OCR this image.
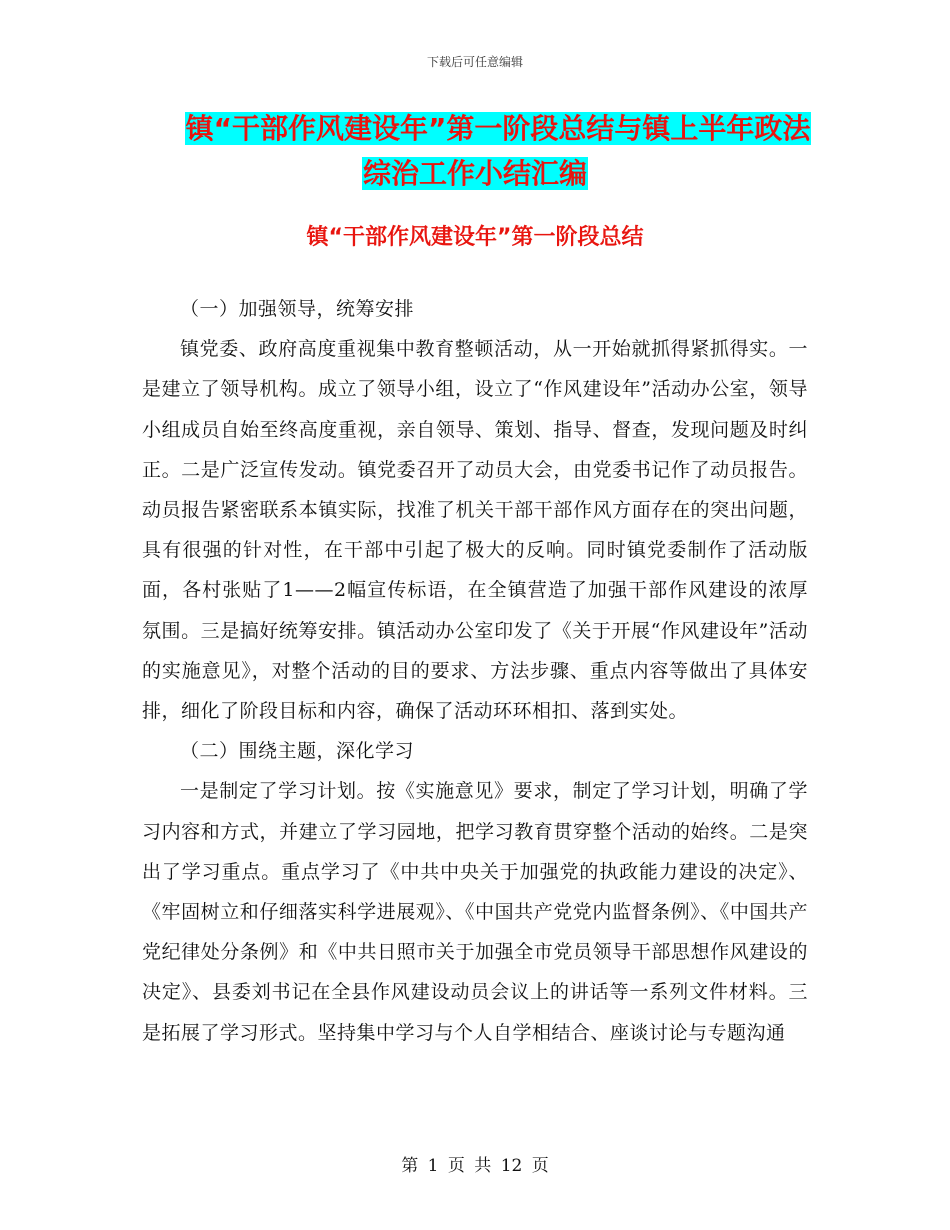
下载后可任意编辑
镇“干部作风建设年”第一阶段总结与镇上半年政法
综治工作小结汇编
镇“干部作风建设年”第一阶段总结

（一）加强领导，统筹安排

镇党委、政府高度重视集中教育整顿活动，从一开始就抓得紧抓得实。一是建立了领导机构。成立了领导小组，设立了“作风建设年”活动办公室，领导小组成员自始至终高度重视，亲自领导、策划、指导、督查，发现问题及时纠正。二是广泛宣传发动。镇党委召开了动员大会，由党委书记作了动员报告。动员报告紧密联系本镇实际，找准了机关干部干部作风方面存在的突出问题，具有很强的针对性，在干部中引起了极大的反响。同时镇党委制作了活动版面，各村张贴了1——2幅宣传标语，在全镇营造了加强干部作风建设的浓厚氛围。三是搞好统筹安排。镇活动办公室印发了《关于开展“作风建设年”活动的实施意见》，对整个活动的目的要求、方法步骤、重点内容等做出了具体安排，细化了阶段目标和内容，确保了活动环环相扣、落到实处。

（二）围绕主题，深化学习

一是制定了学习计划。按《实施意见》要求，制定了学习计划，明确了学习内容和方式，并建立了学习园地，把学习教育贯穿整个活动的始终。二是突出了学习重点。重点学习了《中共中央关于加强党的执政能力建设的决定》、《牢固树立和仔细落实科学进展观》、《中国共产党党内监督条例》、《中国共产党纪律处分条例》和《中共日照市关于加强全市党员领导干部思想作风建设的决定》、县委刘书记在全县作风建设动员会议上的讲话等一系列文件材料。三是拓展了学习形式。坚持集中学习与个人自学相结合、座谈讨论与专题沟通

第 1 页 共 12 页
